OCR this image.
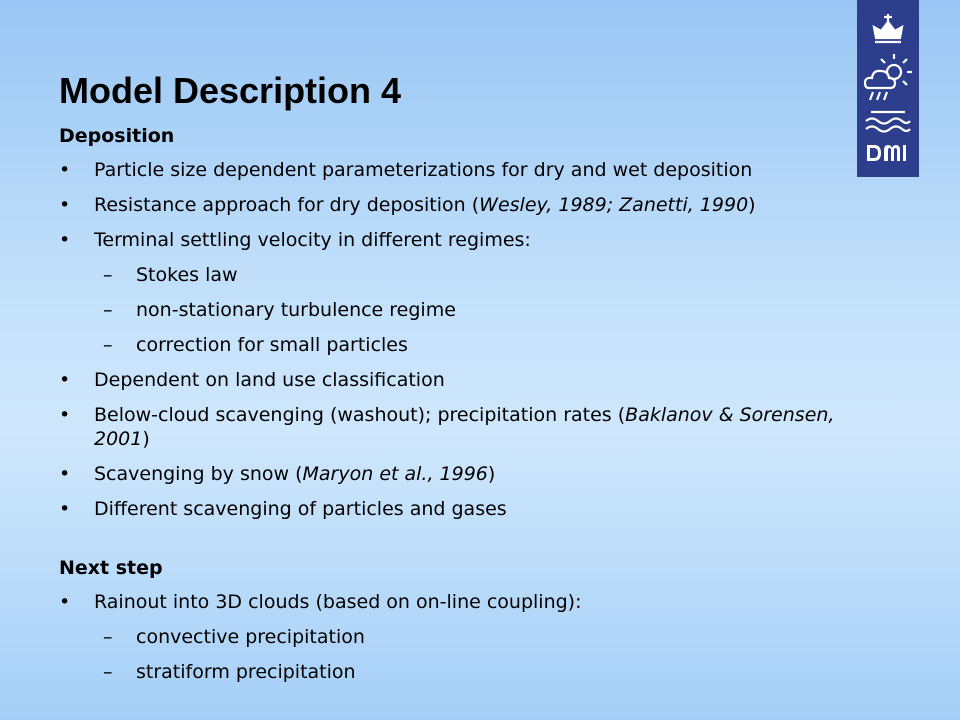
Model Description 4
Deposition
•	Particle size dependent parameterizations for dry and wet deposition
•	Resistance approach for dry deposition (Wesley, 1989; Zanetti, 1990)
•	Terminal settling velocity in different regimes:
– Stokes law
– non-stationary turbulence regime
– correction for small particles
•	Dependent on land use classification
•	Below-cloud scavenging (washout); precipitation rates (Baklanov & Sorensen, 2001)
•	Scavenging by snow (Maryon et al., 1996)
•	Different scavenging of particles and gases
Next step
•	Rainout into 3D clouds (based on on-line coupling):
– convective precipitation
– stratiform precipitation
